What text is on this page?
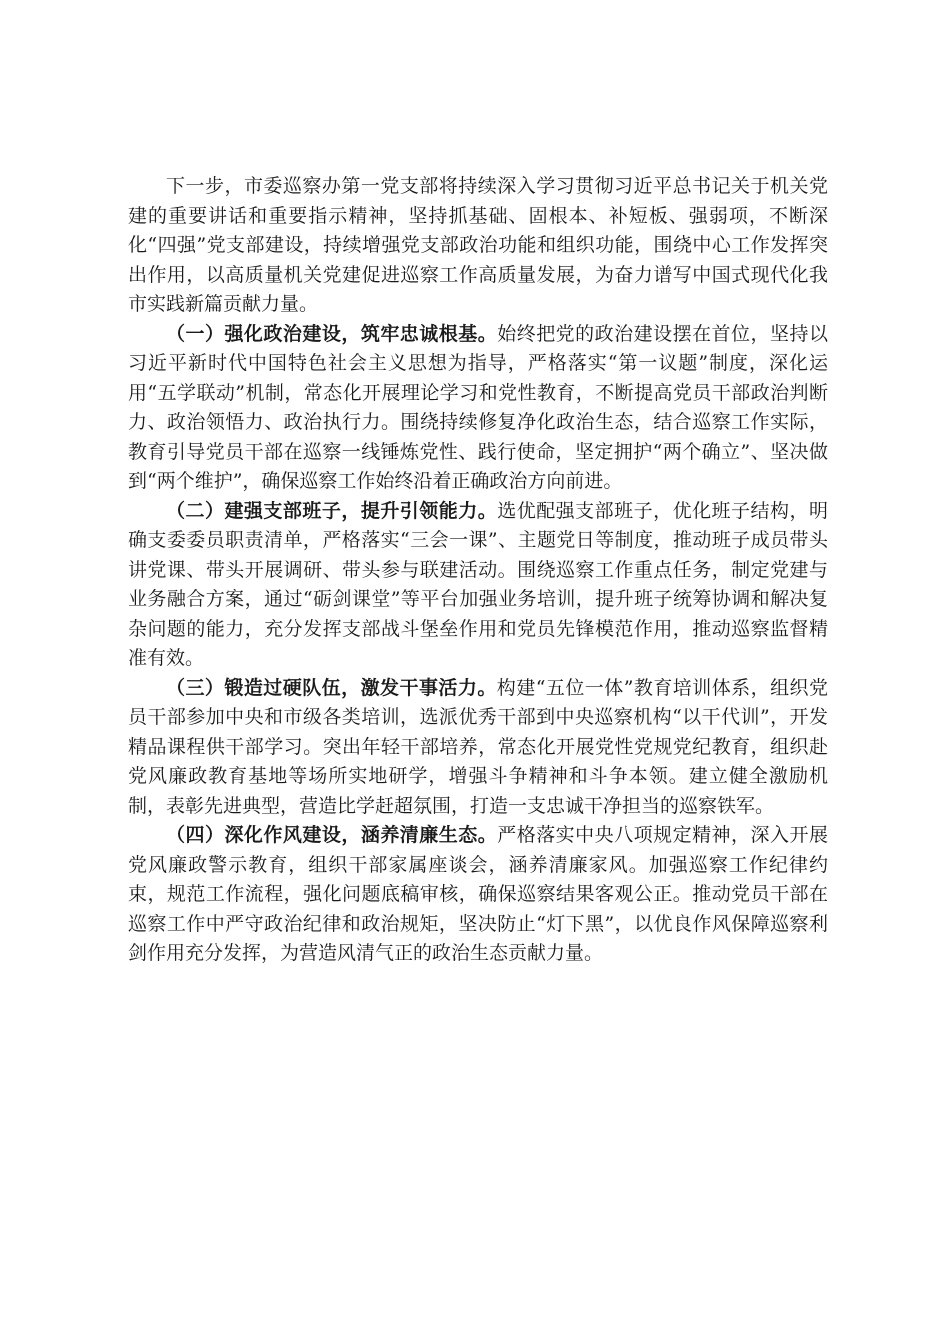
下一步，市委巡察办第一党支部将持续深入学习贯彻习近平总书记关于机关党建的重要讲话和重要指示精神，坚持抓基础、固根本、补短板、强弱项，不断深化“四强”党支部建设，持续增强党支部政治功能和组织功能，围绕中心工作发挥突出作用，以高质量机关党建促进巡察工作高质量发展，为奋力谱写中国式现代化我市实践新篇贡献力量。

（一）强化政治建设，筑牢忠诚根基。始终把党的政治建设摆在首位，坚持以习近平新时代中国特色社会主义思想为指导，严格落实“第一议题”制度，深化运用“五学联动”机制，常态化开展理论学习和党性教育，不断提高党员干部政治判断力、政治领悟力、政治执行力。围绕持续修复净化政治生态，结合巡察工作实际，教育引导党员干部在巡察一线锤炼党性、践行使命，坚定拥护“两个确立”、坚决做到“两个维护”，确保巡察工作始终沿着正确政治方向前进。

（二）建强支部班子，提升引领能力。选优配强支部班子，优化班子结构，明确支委委员职责清单，严格落实“三会一课”、主题党日等制度，推动班子成员带头讲党课、带头开展调研、带头参与联建活动。围绕巡察工作重点任务，制定党建与业务融合方案，通过“砺剑课堂”等平台加强业务培训，提升班子统筹协调和解决复杂问题的能力，充分发挥支部战斗堡垒作用和党员先锋模范作用，推动巡察监督精准有效。

（三）锻造过硬队伍，激发干事活力。构建“五位一体”教育培训体系，组织党员干部参加中央和市级各类培训，选派优秀干部到中央巡察机构“以干代训”，开发精品课程供干部学习。突出年轻干部培养，常态化开展党性党规党纪教育，组织赴党风廉政教育基地等场所实地研学，增强斗争精神和斗争本领。建立健全激励机制，表彰先进典型，营造比学赶超氛围，打造一支忠诚干净担当的巡察铁军。

（四）深化作风建设，涵养清廉生态。严格落实中央八项规定精神，深入开展党风廉政警示教育，组织干部家属座谈会，涵养清廉家风。加强巡察工作纪律约束，规范工作流程，强化问题底稿审核，确保巡察结果客观公正。推动党员干部在巡察工作中严守政治纪律和政治规矩，坚决防止“灯下黑”，以优良作风保障巡察利剑作用充分发挥，为营造风清气正的政治生态贡献力量。
